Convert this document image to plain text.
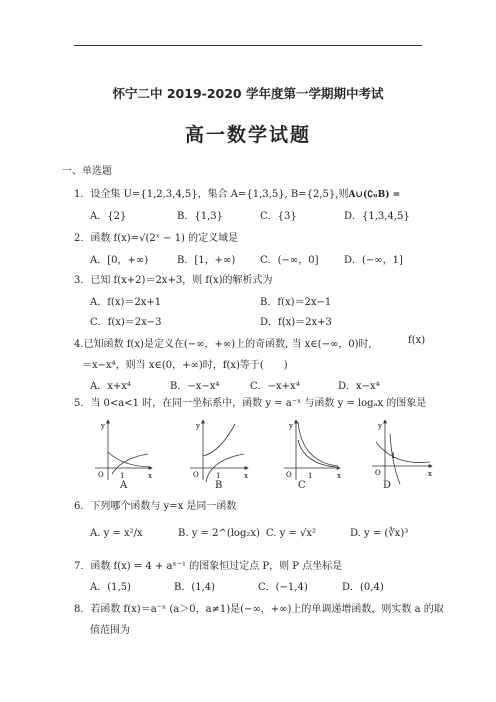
怀宁二中 2019-2020 学年度第一学期期中考试
高一数学试题
一、单选题
1．设全集 U={1,2,3,4,5}，集合 A={1,3,5}, B={2,5},则A∪(∁ᵤB) =
A．{2}	B．{1,3}	C．{3}	D．{1,3,4,5}
2．函数 f(x)=√(2ˣ − 1) 的定义域是
A．[0，+∞)	B．[1，+∞)	C．(−∞，0]	D．(−∞，1]
3．已知 f(x+2)＝2x+3，则 f(x)的解析式为
A．f(x)＝2x+1	B．f(x)＝2x−1
C．f(x)＝2x−3	D．f(x)＝2x+3
4.已知函数 f(x)是定义在(−∞，+∞)上的奇函数, 当 x∈(−∞，0)时,	f(x)
＝x−x⁴，则当 x∈(0，+∞)时，f(x)等于(　　)
A．x+x⁴	B．−x−x⁴	C．−x+x⁴	D．x−x⁴
5．当 0<a<1 时，在同一坐标系中，函数 y = a⁻ˣ 与函数 y = logₐx 的图象是
y
O 1	x
y
O 1	x
y
O 1	x
y
O
1
x
A	B	C	D
6．下列哪个函数与 y=x 是同一函数
A. y = x²/x	B. y = 2^(log₂x) C. y = √x²	D. y = (∛x)³
7．函数 f(x) = 4 + aˣ⁻¹ 的图象恒过定点 P，则 P 点坐标是
A．(1,5)	B．(1,4)	C．(−1,4)	D．(0,4)
8．若函数 f(x)＝a⁻ˣ (a＞0，a≠1)是(−∞，+∞)上的单调递增函数，则实数 a 的取
值范围为
